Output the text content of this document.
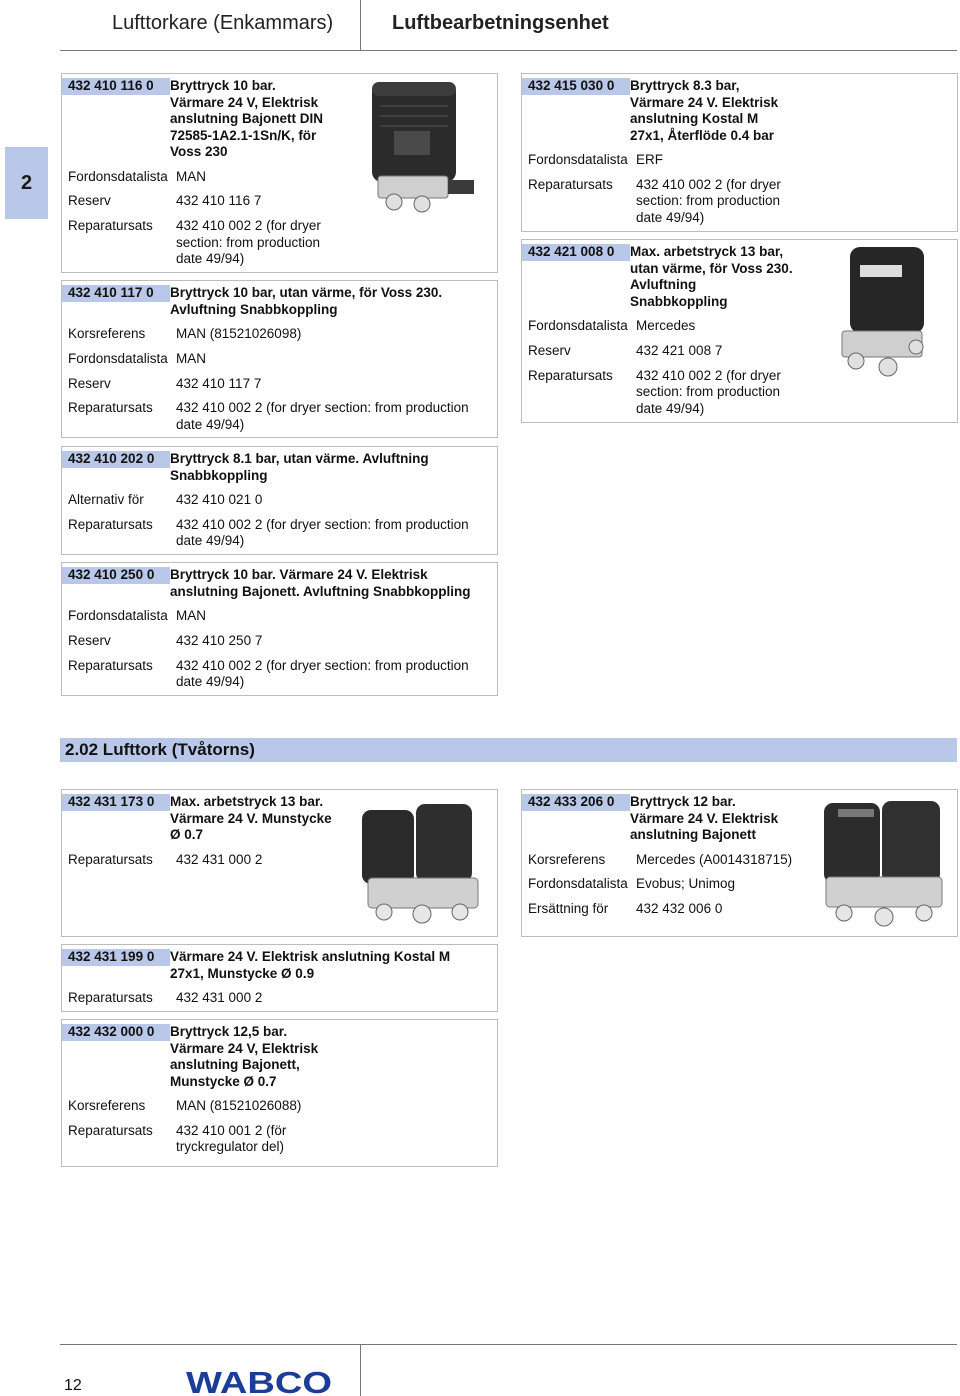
Lufttorkare (Enkammars)	Luftbearbetningsenhet
2
432 410 116 0	Bryttryck 10 bar.
Värmare 24 V, Elektrisk
anslutning Bajonett DIN
72585-1A2.1-1Sn/K, för
Voss 230
Fordonsdatalista MAN
Reserv	432 410 116 7
Reparatursats	432 410 002 2 (for dryer
section: from production
date 49/94)
432 410 117 0	Bryttryck 10 bar, utan värme, för Voss 230.
Avluftning Snabbkoppling
Korsreferens	MAN (81521026098)
Fordonsdatalista MAN
Reserv	432 410 117 7
Reparatursats	432 410 002 2 (for dryer section: from production
date 49/94)
432 410 202 0	Bryttryck 8.1 bar, utan värme. Avluftning
Snabbkoppling
Alternativ för	432 410 021 0
Reparatursats	432 410 002 2 (for dryer section: from production
date 49/94)
432 410 250 0	Bryttryck 10 bar. Värmare 24 V. Elektrisk
anslutning Bajonett. Avluftning Snabbkoppling
Fordonsdatalista MAN
Reserv	432 410 250 7
Reparatursats	432 410 002 2 (for dryer section: from production
date 49/94)
432 415 030 0	Bryttryck 8.3 bar,
Värmare 24 V. Elektrisk
anslutning Kostal M
27x1, Återflöde 0.4 bar
Fordonsdatalista ERF
Reparatursats	432 410 002 2 (for dryer
section: from production
date 49/94)
432 421 008 0	Max. arbetstryck 13 bar,
utan värme, för Voss 230.
Avluftning
Snabbkoppling
Fordonsdatalista Mercedes
Reserv	432 421 008 7
Reparatursats	432 410 002 2 (for dryer
section: from production
date 49/94)
432 431 173 0	Max. arbetstryck 13 bar.
Värmare 24 V. Munstycke
Ø 0.7
Reparatursats	432 431 000 2
432 433 206 0	Bryttryck 12 bar.
Värmare 24 V. Elektrisk
anslutning Bajonett
Korsreferens	Mercedes (A0014318715)
Fordonsdatalista Evobus; Unimog
Ersättning för	432 432 006 0
432 431 199 0	Värmare 24 V. Elektrisk anslutning Kostal M
27x1, Munstycke Ø 0.9
Reparatursats	432 431 000 2
432 432 000 0	Bryttryck 12,5 bar.
Värmare 24 V, Elektrisk
anslutning Bajonett,
Munstycke Ø 0.7
Korsreferens	MAN (81521026088)
Reparatursats	432 410 001 2 (för
tryckregulator del)
2.02 Lufttork (Tvåtorns)
12	WABCO
